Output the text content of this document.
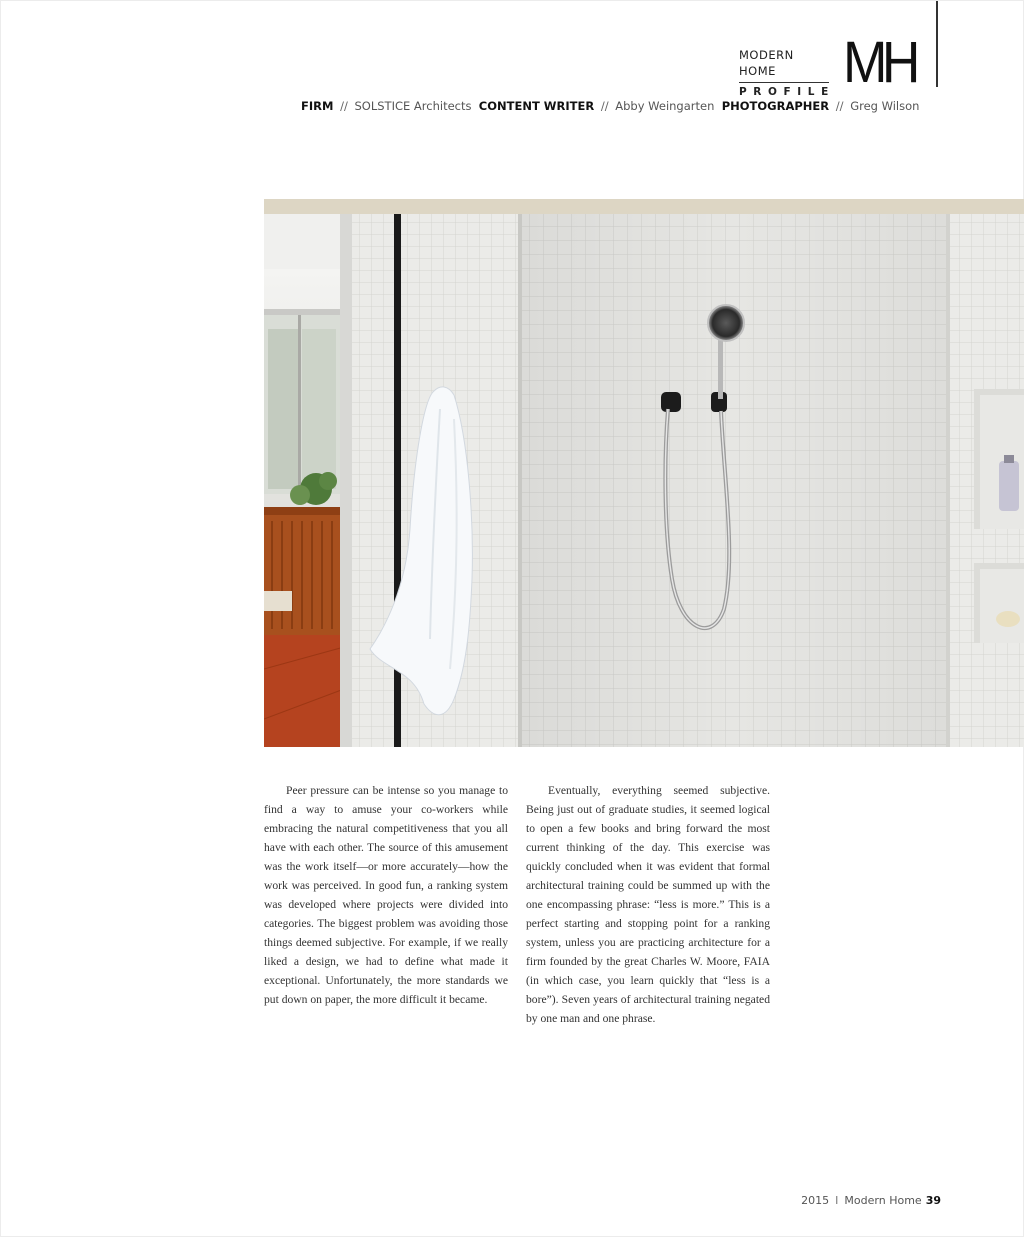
MODERN HOME
PROFILE MH
FIRM // SOLSTICE Architects CONTENT WRITER // Abby Weingarten PHOTOGRAPHER // Greg Wilson

Peer pressure can be intense so you manage to find a way to amuse your co-workers while embracing the natural competitiveness that you all have with each other. The source of this amusement was the work itself—or more accurately—how the work was perceived. In good fun, a ranking system was developed where projects were divided into categories. The biggest problem was avoiding those things deemed subjective. For example, if we really liked a design, we had to define what made it exceptional. Unfortunately, the more standards we put down on paper, the more difficult it became.

Eventually, everything seemed subjective. Being just out of graduate studies, it seemed logical to open a few books and bring forward the most current thinking of the day. This exercise was quickly concluded when it was evident that formal architectural training could be summed up with the one encompassing phrase: “less is more.” This is a perfect starting and stopping point for a ranking system, unless you are practicing architecture for a firm founded by the great Charles W. Moore, FAIA (in which case, you learn quickly that “less is a bore”). Seven years of architectural training negated by one man and one phrase.

2015 I Modern Home 39
